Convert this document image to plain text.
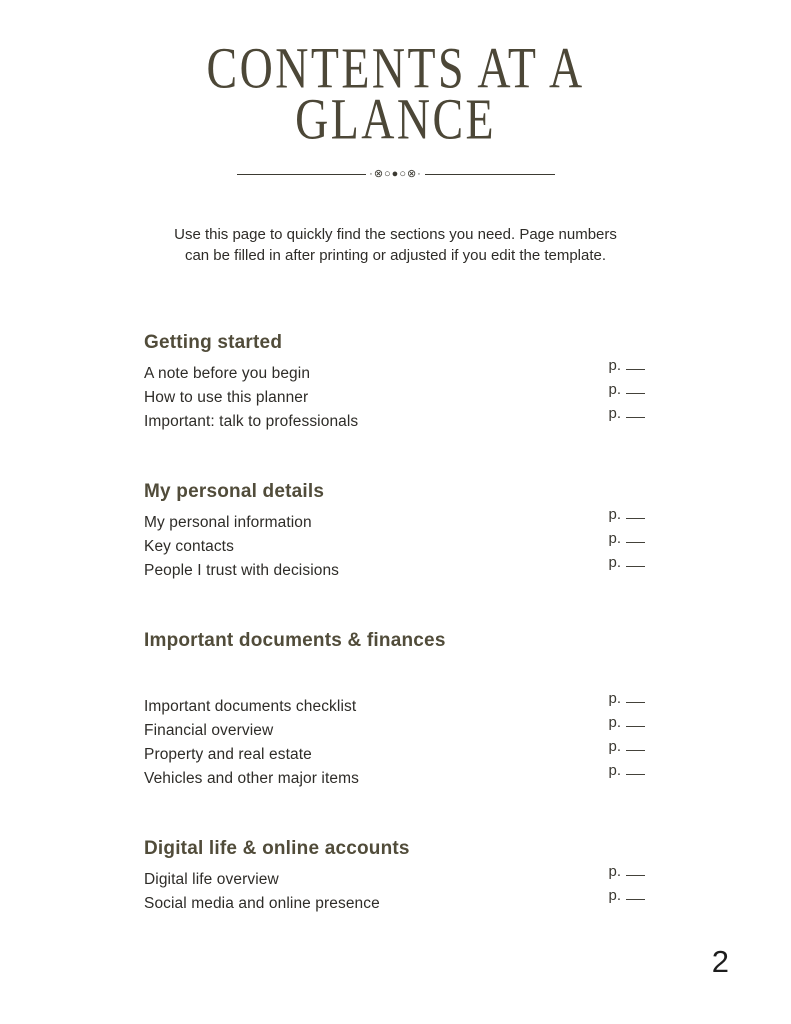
CONTENTS AT A
GLANCE
·⊗○●○⊗·

Use this page to quickly find the sections you need. Page numbers can be filled in after printing or adjusted if you edit the template.

Getting started
A note before you begin	p.
How to use this planner	p.
Important: talk to professionals	p.
My personal details
My personal information	p.
Key contacts	p.
People I trust with decisions	p.
Important documents & finances
Important documents checklist	p.
Financial overview	p.
Property and real estate	p.
Vehicles and other major items	p.
Digital life & online accounts
Digital life overview	p.
Social media and online presence	p.
2
